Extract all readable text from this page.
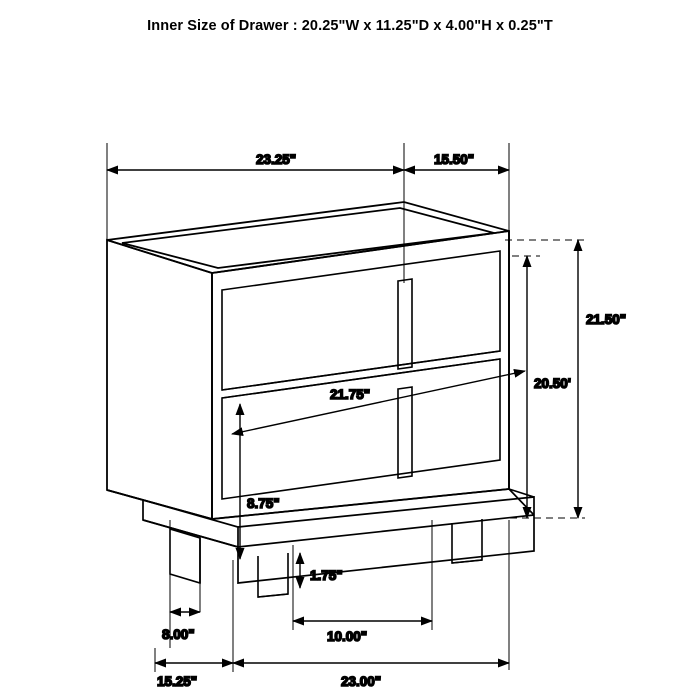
Inner Size of Drawer : 20.25"W x 11.25"D x 4.00"H x 0.25"T
23.25"	15.50"
21.50"
20.50'
21.75"
8.75"
1.75"
8.00"	10.00"
15.25"	23.00"
